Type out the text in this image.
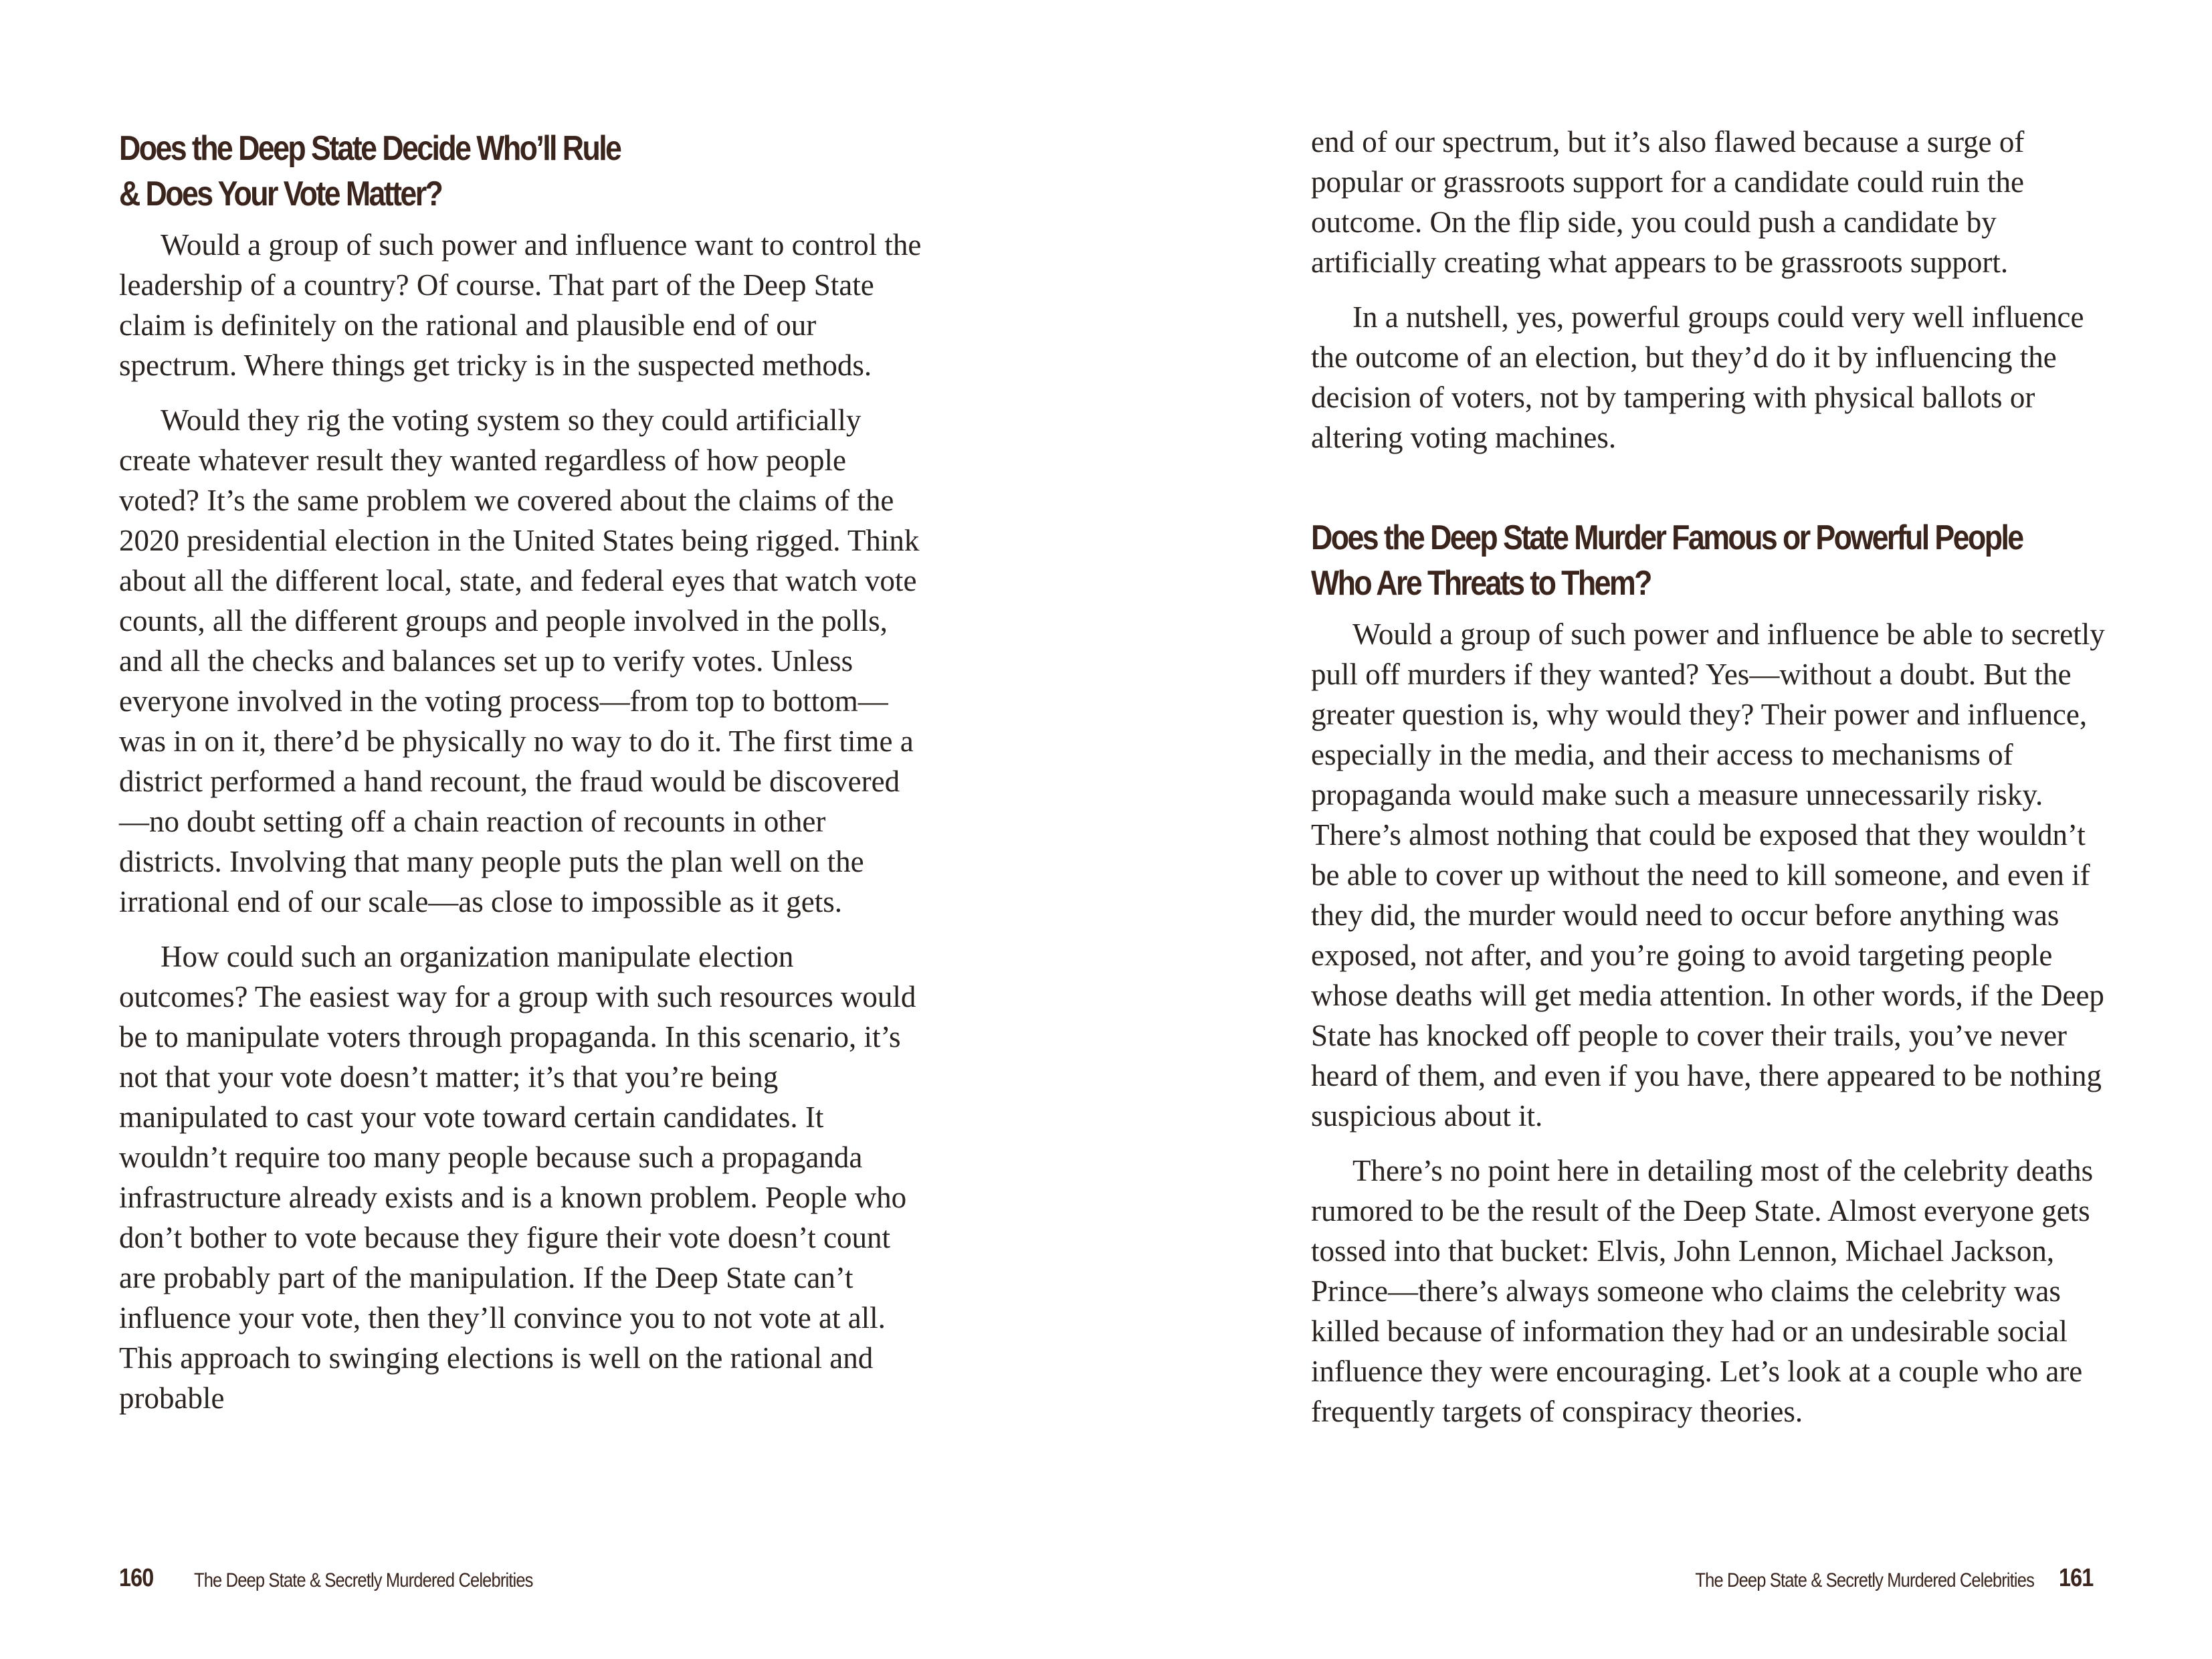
Does the Deep State Decide Who’ll Rule
& Does Your Vote Matter?

Would a group of such power and influence want to control the leadership of a country? Of course. That part of the Deep State claim is definitely on the rational and plausible end of our spectrum. Where things get tricky is in the suspected methods.

Would they rig the voting system so they could artificially create whatever result they wanted regardless of how people voted? It’s the same problem we covered about the claims of the 2020 presidential election in the United States being rigged. Think about all the different local, state, and federal eyes that watch vote counts, all the different groups and people involved in the polls, and all the checks and balances set up to verify votes. Unless everyone involved in the voting process—from top to bottom—was in on it, there’d be physically no way to do it. The first time a district performed a hand recount, the fraud would be discovered—no doubt setting off a chain reaction of recounts in other districts. Involving that many people puts the plan well on the irrational end of our scale—as close to impossible as it gets.

How could such an organization manipulate election outcomes? The easiest way for a group with such resources would be to manipulate voters through propaganda. In this scenario, it’s not that your vote doesn’t matter; it’s that you’re being manipulated to cast your vote toward certain candidates. It wouldn’t require too many people because such a propaganda infrastructure already exists and is a known problem. People who don’t bother to vote because they figure their vote doesn’t count are probably part of the manipulation. If the Deep State can’t influence your vote, then they’ll convince you to not vote at all. This approach to swinging elections is well on the rational and probable

160 The Deep State & Secretly Murdered Celebrities

end of our spectrum, but it’s also flawed because a surge of popular or grassroots support for a candidate could ruin the outcome. On the flip side, you could push a candidate by artificially creating what appears to be grassroots support.

In a nutshell, yes, powerful groups could very well influence the outcome of an election, but they’d do it by influencing the decision of voters, not by tampering with physical ballots or altering voting machines.

Does the Deep State Murder Famous or Powerful People
Who Are Threats to Them?

Would a group of such power and influence be able to secretly pull off murders if they wanted? Yes—without a doubt. But the greater question is, why would they? Their power and influence, especially in the media, and their access to mechanisms of propaganda would make such a measure unnecessarily risky. There’s almost nothing that could be exposed that they wouldn’t be able to cover up without the need to kill someone, and even if they did, the murder would need to occur before anything was exposed, not after, and you’re going to avoid targeting people whose deaths will get media attention. In other words, if the Deep State has knocked off people to cover their trails, you’ve never heard of them, and even if you have, there appeared to be nothing suspicious about it.

There’s no point here in detailing most of the celebrity deaths rumored to be the result of the Deep State. Almost everyone gets tossed into that bucket: Elvis, John Lennon, Michael Jackson, Prince—there’s always someone who claims the celebrity was killed because of information they had or an undesirable social influence they were encouraging. Let’s look at a couple who are frequently targets of conspiracy theories.

The Deep State & Secretly Murdered Celebrities 161
